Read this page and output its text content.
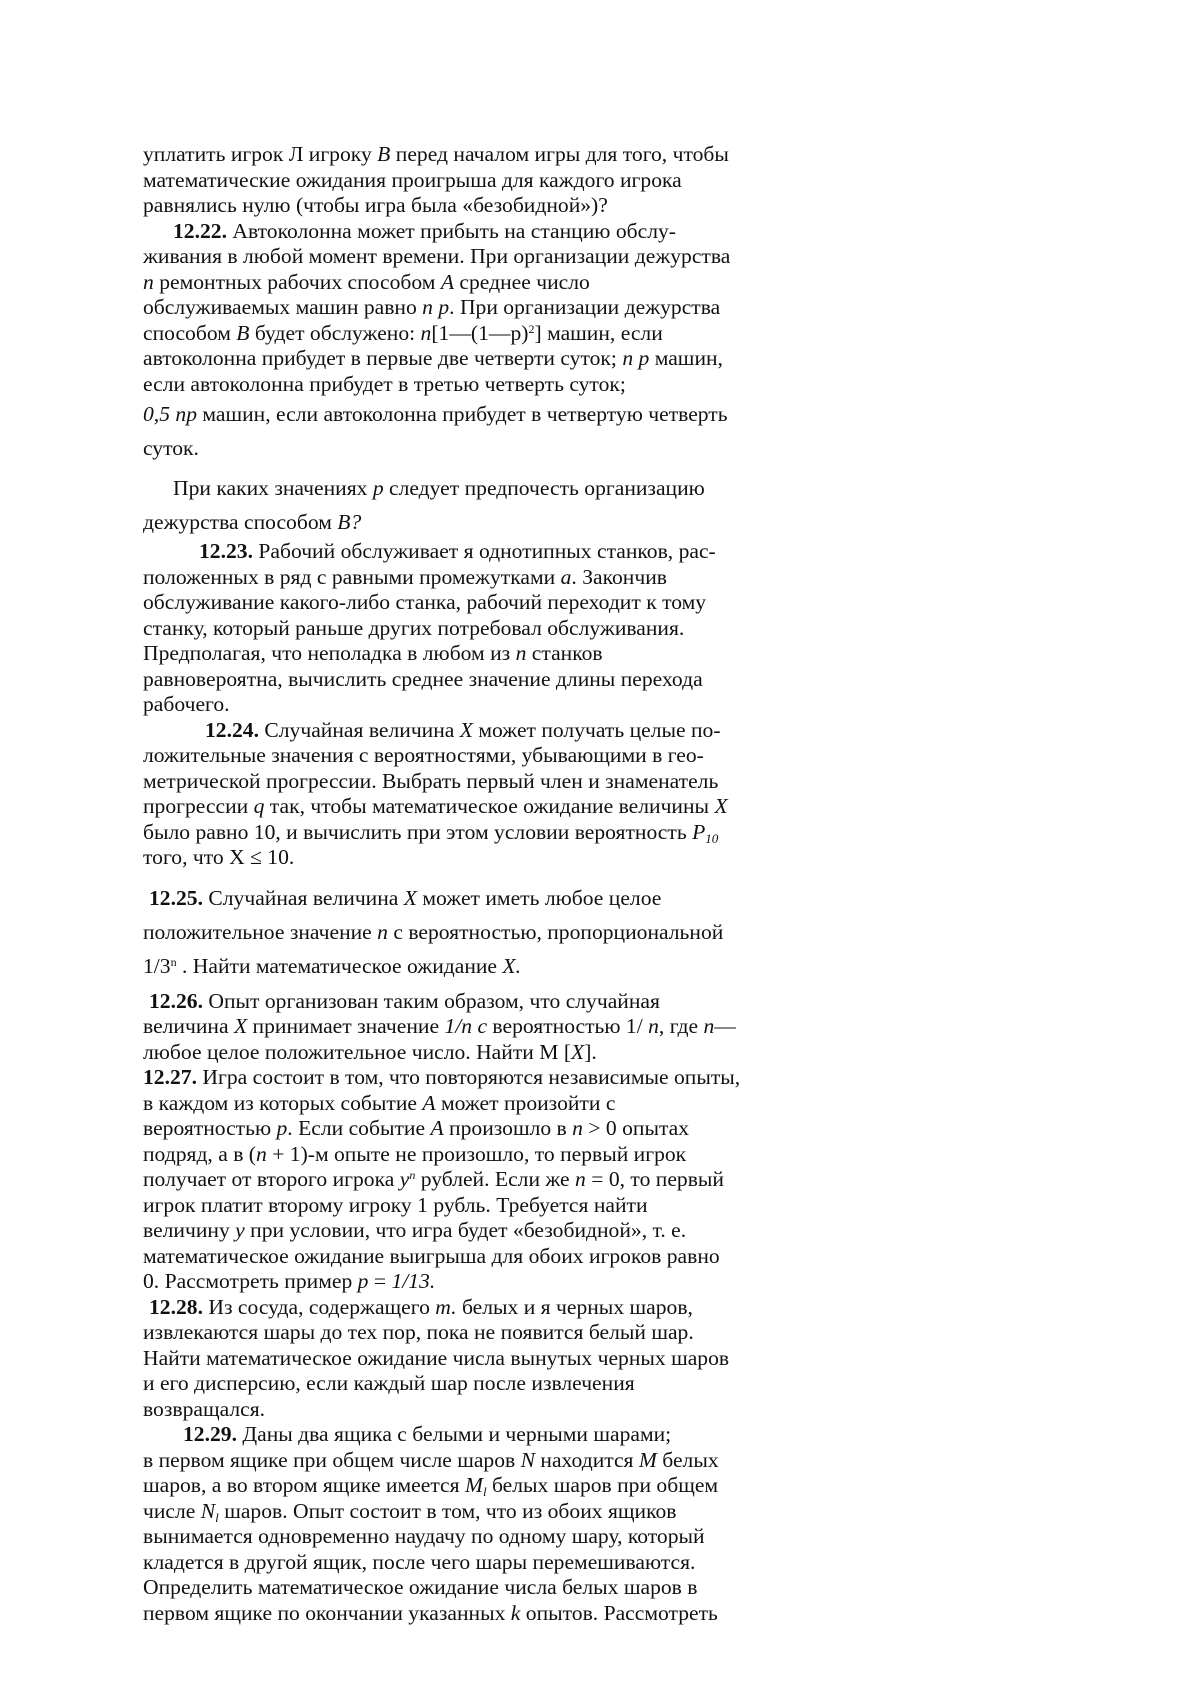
уплатить игрок Л игроку B перед началом игры для того, чтобы
математические ожидания проигрыша для каждого игрока
равнялись нулю (чтобы игра была «безобидной»)?
12.22. Автоколонна может прибыть на станцию обслу-
живания в любой момент времени. При организации дежурства
n ремонтных рабочих способом A среднее число
обслуживаемых машин равно n p. При организации дежурства
способом B будет обслужено: n[1—(1—p)$^2$] машин, если
автоколонна прибудет в первые две четверти суток; n p машин,
если автоколонна прибудет в третью четверть суток;
0,5 пр машин, если автоколонна прибудет в четвертую четверть
суток.
При каких значениях p следует предпочесть организацию
дежурства способом B?
12.23. Рабочий обслуживает я однотипных станков, рас-
положенных в ряд с равными промежутками a. Закончив
обслуживание какого-либо станка, рабочий переходит к тому
станку, который раньше других потребовал обслуживания.
Предполагая, что неполадка в любом из n станков
равновероятна, вычислить среднее значение длины перехода
рабочего.
12.24. Случайная величина X может получать целые по-
ложительные значения с вероятностями, убывающими в гео-
метрической прогрессии. Выбрать первый член и знаменатель
прогрессии q так, чтобы математическое ожидание величины X
было равно 10, и вычислить при этом условии вероятность $P_{10}$
того, что X ≤ 10.
12.25. Случайная величина X может иметь любое целое
положительное значение n с вероятностью, пропорциональной
1/3$^n$ . Найти математическое ожидание X.
12.26. Опыт организован таким образом, что случайная
величина X принимает значение 1/n c вероятностью 1/ n, где n—
любое целое положительное число. Найти М [X].
12.27. Игра состоит в том, что повторяются независимые опыты,
в каждом из которых событие A может произойти с
вероятностью p. Если событие A произошло в n > 0 опытах
подряд, а в (n + 1)-м опыте не произошло, то первый игрок
получает от второго игрока $y^n$ рублей. Если же n = 0, то первый
игрок платит второму игроку 1 рубль. Требуется найти
величину y при условии, что игра будет «безобидной», т. е.
математическое ожидание выигрыша для обоих игроков равно
0. Рассмотреть пример p = 1/13.
12.28. Из сосуда, содержащего т. белых и я черных шаров,
извлекаются шары до тех пор, пока не появится белый шар.
Найти математическое ожидание числа вынутых черных шаров
и его дисперсию, если каждый шар после извлечения
возвращался.
12.29. Даны два ящика с белыми и черными шарами;
в первом ящике при общем числе шаров N находится M белых
шаров, а во втором ящике имеется $M_l$ белых шаров при общем
числе $N_l$ шаров. Опыт состоит в том, что из обоих ящиков
вынимается одновременно наудачу по одному шару, который
кладется в другой ящик, после чего шары перемешиваются.
Определить математическое ожидание числа белых шаров в
первом ящике по окончании указанных k опытов. Рассмотреть
